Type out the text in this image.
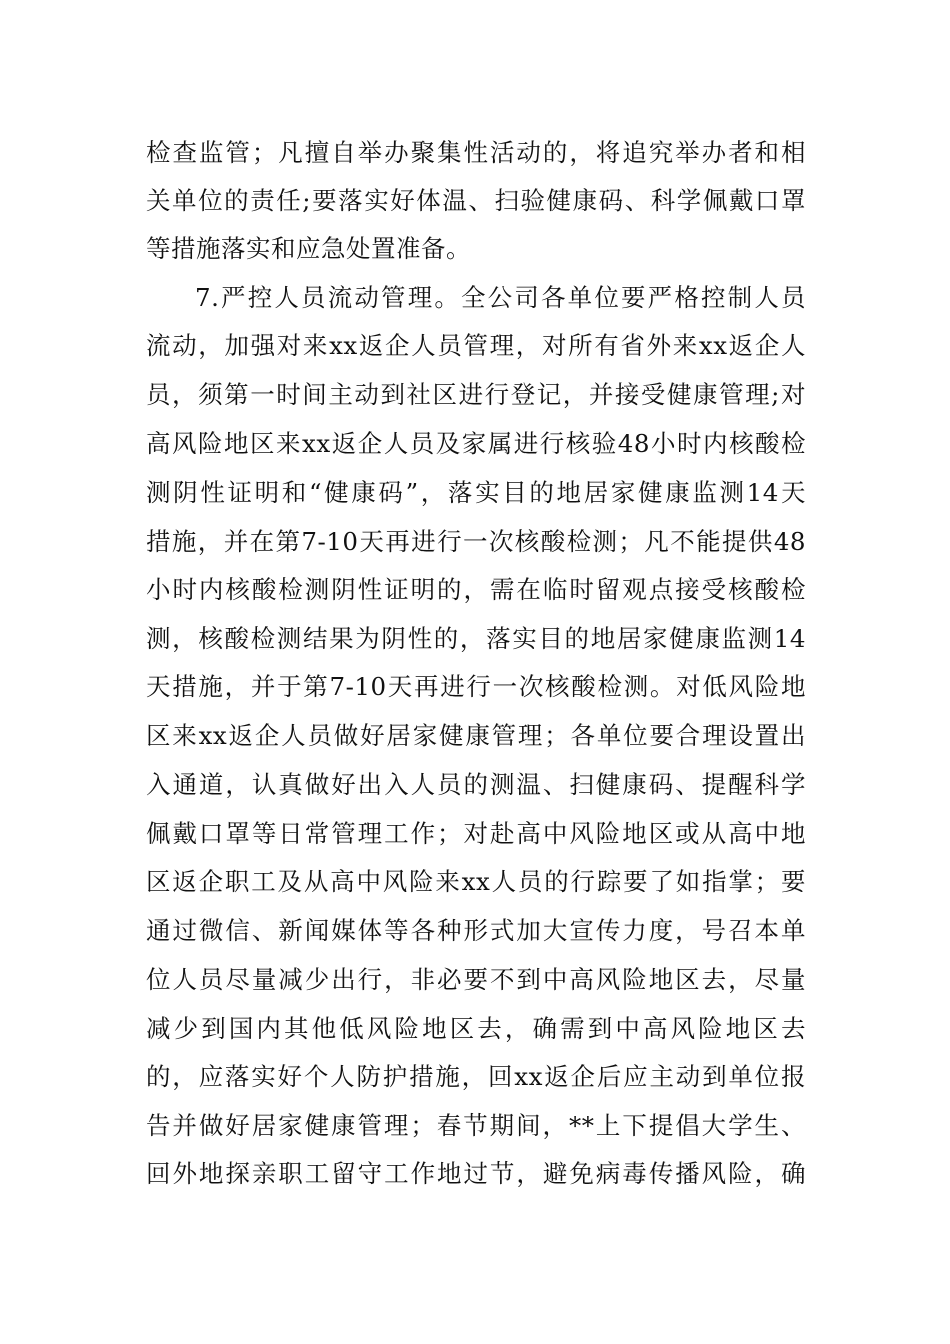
检查监管；凡擅自举办聚集性活动的，将追究举办者和相
关单位的责任;要落实好体温、扫验健康码、科学佩戴口罩
等措施落实和应急处置准备。
7.严控人员流动管理。全公司各单位要严格控制人员
流动，加强对来xx返企人员管理，对所有省外来xx返企人
员，须第一时间主动到社区进行登记，并接受健康管理;对
高风险地区来xx返企人员及家属进行核验48小时内核酸检
测阴性证明和“健康码”，落实目的地居家健康监测14天
措施，并在第7-10天再进行一次核酸检测；凡不能提供48
小时内核酸检测阴性证明的，需在临时留观点接受核酸检
测，核酸检测结果为阴性的，落实目的地居家健康监测14
天措施，并于第7-10天再进行一次核酸检测。对低风险地
区来xx返企人员做好居家健康管理；各单位要合理设置出
入通道，认真做好出入人员的测温、扫健康码、提醒科学
佩戴口罩等日常管理工作；对赴高中风险地区或从高中地
区返企职工及从高中风险来xx人员的行踪要了如指掌；要
通过微信、新闻媒体等各种形式加大宣传力度，号召本单
位人员尽量减少出行，非必要不到中高风险地区去，尽量
减少到国内其他低风险地区去，确需到中高风险地区去
的，应落实好个人防护措施，回xx返企后应主动到单位报
告并做好居家健康管理；春节期间，**上下提倡大学生、
回外地探亲职工留守工作地过节，避免病毒传播风险，确
